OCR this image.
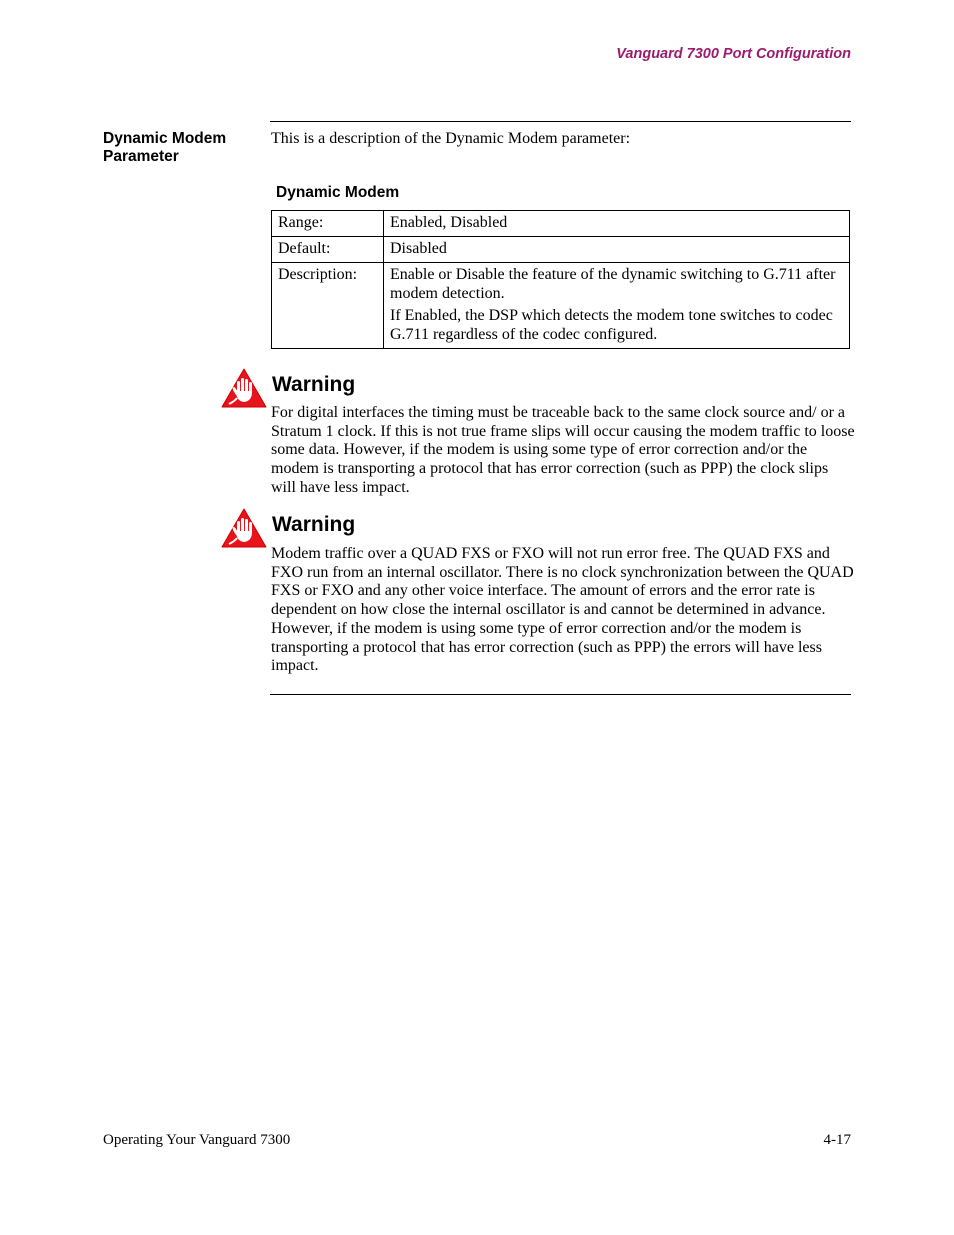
Vanguard 7300 Port Configuration
Dynamic Modem Parameter
This is a description of the Dynamic Modem parameter:
Dynamic Modem
Range:	Enabled, Disabled

Default:	Disabled

Description:	Enable or Disable the feature of the dynamic switching to G.711 after modem detection.

If Enabled, the DSP which detects the modem tone switches to codec G.711 regardless of the codec configured.

Warning
For digital interfaces the timing must be traceable back to the same clock source and/ or a Stratum 1 clock. If this is not true frame slips will occur causing the modem traffic to loose some data. However, if the modem is using some type of error correction and/or the modem is transporting a protocol that has error correction (such as PPP) the clock slips will have less impact.
Warning
Modem traffic over a QUAD FXS or FXO will not run error free. The QUAD FXS and FXO run from an internal oscillator. There is no clock synchronization between the QUAD FXS or FXO and any other voice interface. The amount of errors and the error rate is dependent on how close the internal oscillator is and cannot be determined in advance. However, if the modem is using some type of error correction and/or the modem is transporting a protocol that has error correction (such as PPP) the errors will have less impact.
Operating Your Vanguard 7300	4-17
